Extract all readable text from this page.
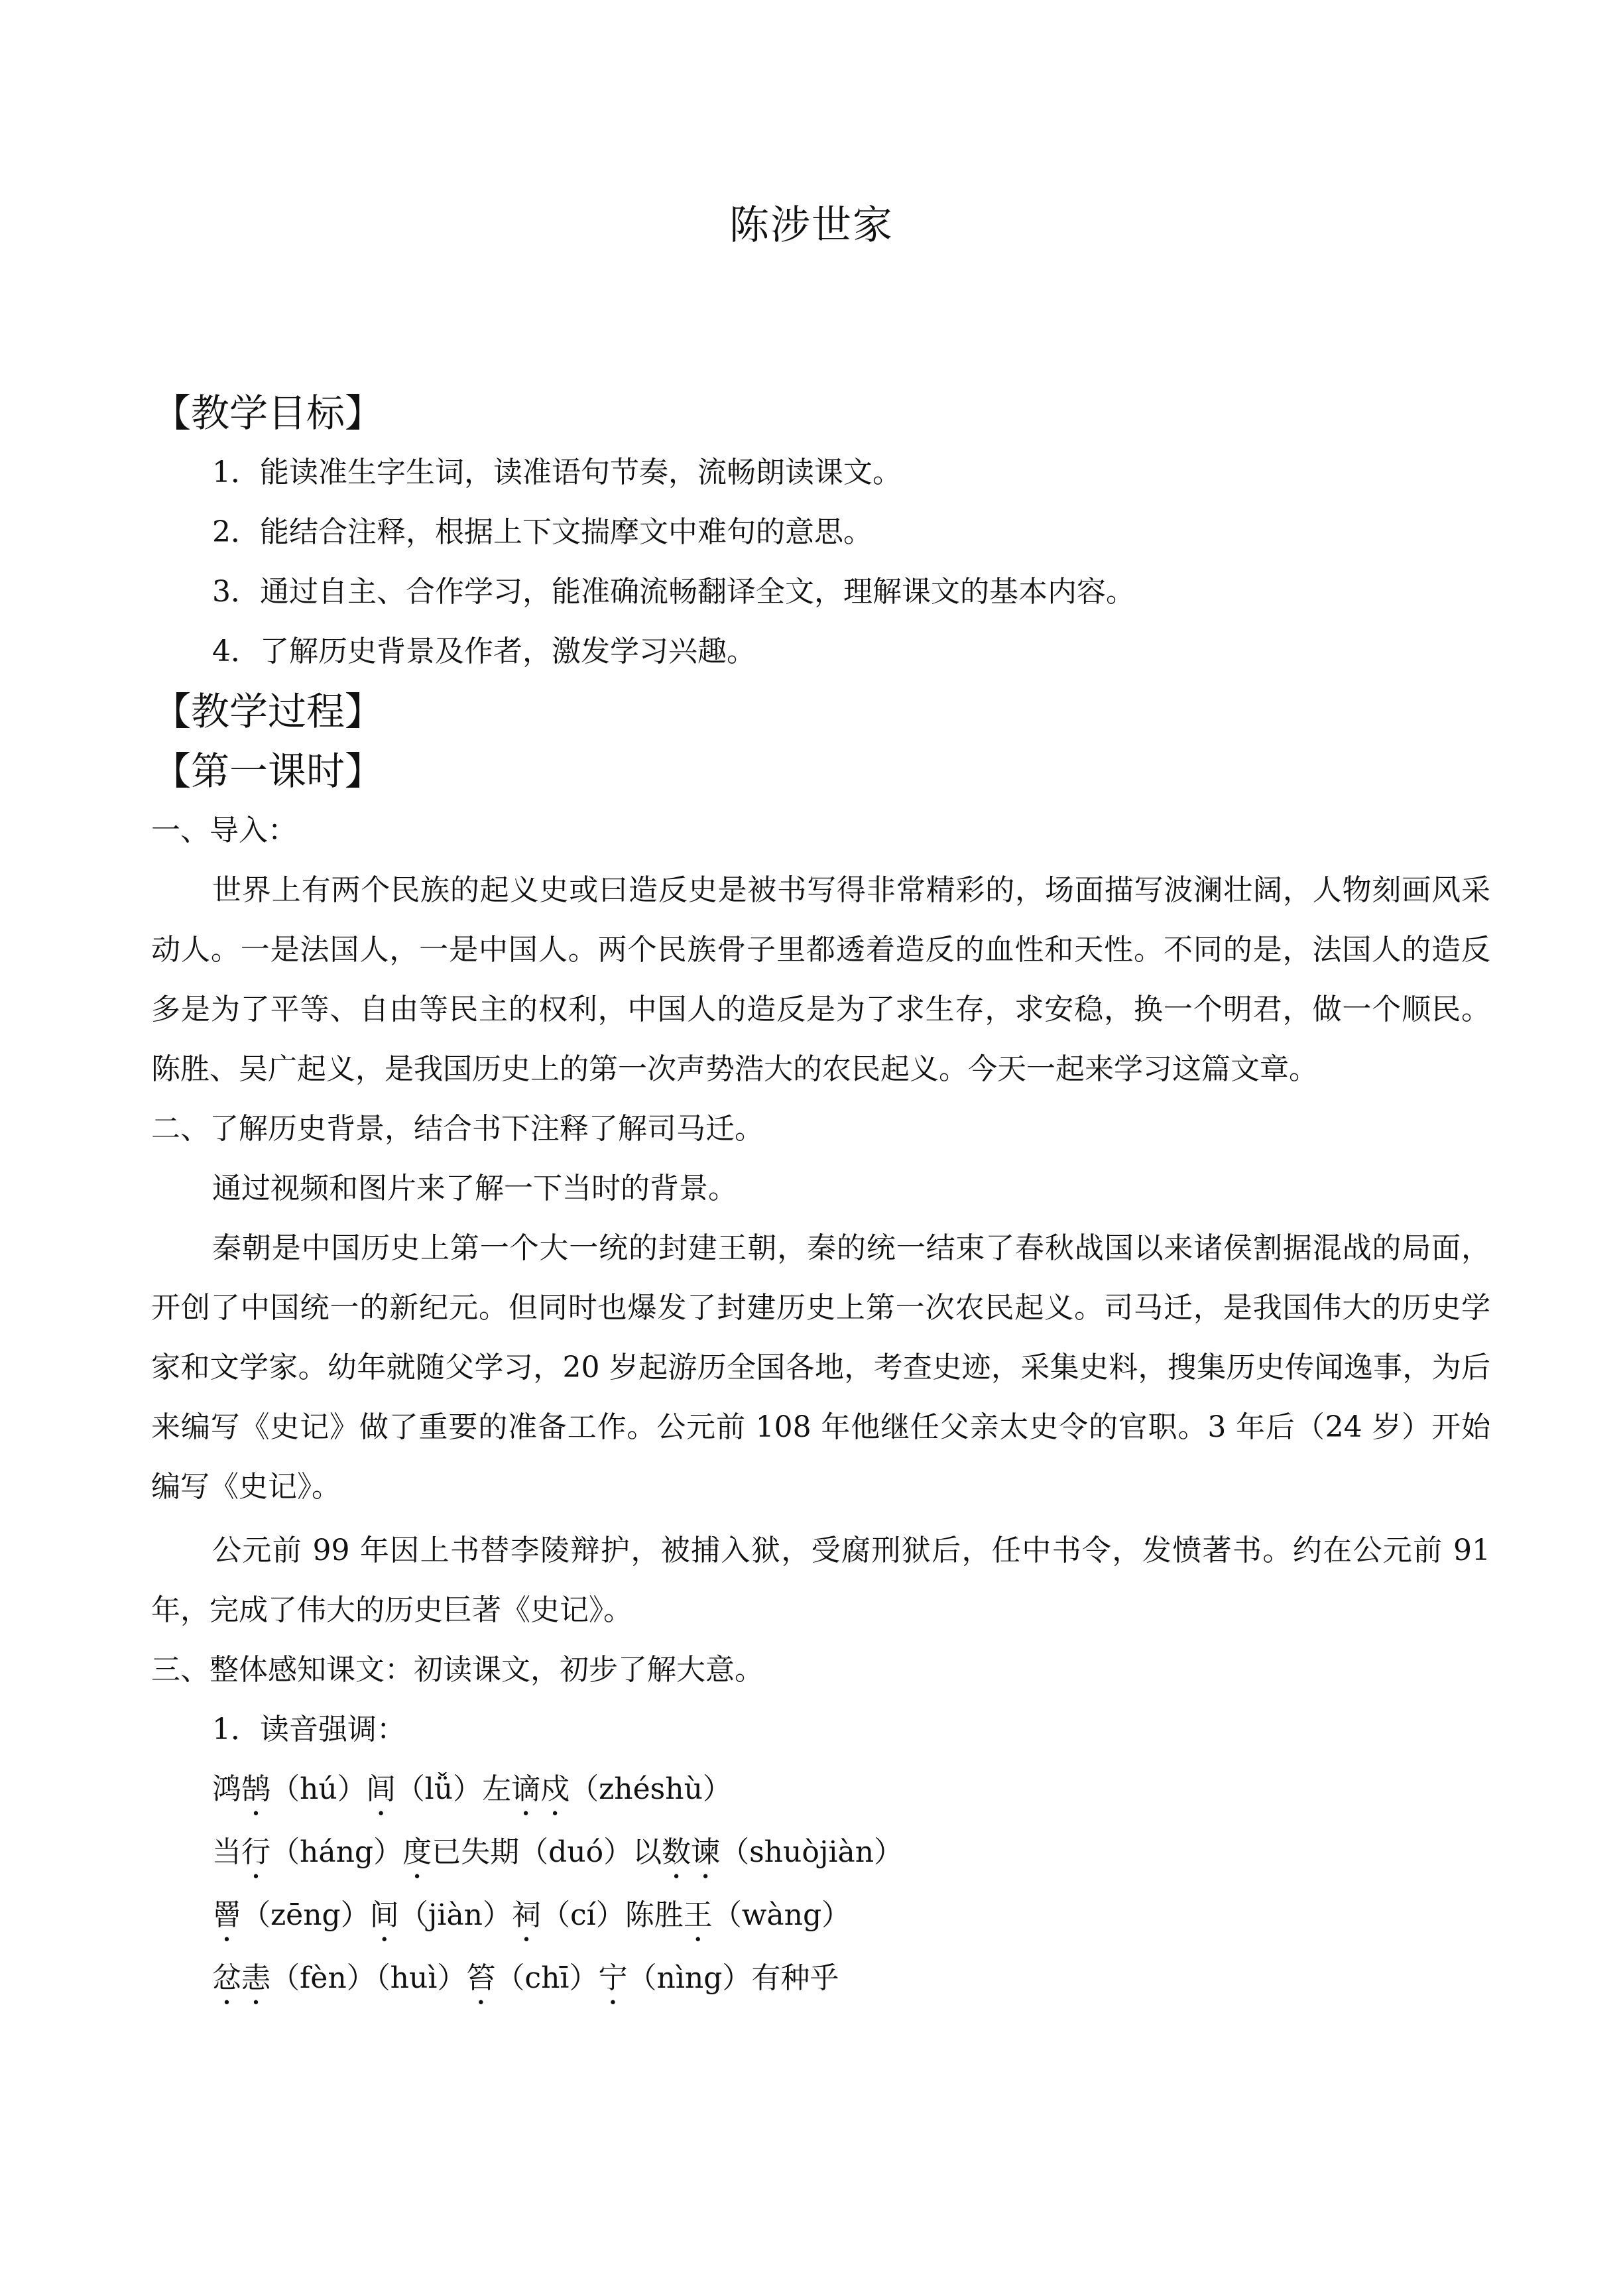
陈涉世家
【教学目标】
1．能读准生字生词，读准语句节奏，流畅朗读课文。
2．能结合注释，根据上下文揣摩文中难句的意思。
3．通过自主、合作学习，能准确流畅翻译全文，理解课文的基本内容。
4．了解历史背景及作者，激发学习兴趣。
【教学过程】
【第一课时】
一、导入：

世界上有两个民族的起义史或曰造反史是被书写得非常精彩的，场面描写波澜壮阔，人物刻画风采动人。一是法国人，一是中国人。两个民族骨子里都透着造反的血性和天性。不同的是，法国人的造反多是为了平等、自由等民主的权利，中国人的造反是为了求生存，求安稳，换一个明君，做一个顺民。陈胜、吴广起义，是我国历史上的第一次声势浩大的农民起义。今天一起来学习这篇文章。

二、了解历史背景，结合书下注释了解司马迁。
通过视频和图片来了解一下当时的背景。

秦朝是中国历史上第一个大一统的封建王朝，秦的统一结束了春秋战国以来诸侯割据混战的局面，开创了中国统一的新纪元。但同时也爆发了封建历史上第一次农民起义。司马迁，是我国伟大的历史学家和文学家。幼年就随父学习，20 岁起游历全国各地，考查史迹，采集史料，搜集历史传闻逸事，为后来编写《史记》做了重要的准备工作。公元前 108 年他继任父亲太史令的官职。3 年后（24 岁）开始编写《史记》。

公元前 99 年因上书替李陵辩护，被捕入狱，受腐刑狱后，任中书令，发愤著书。约在公元前 91 年，完成了伟大的历史巨著《史记》。

三、整体感知课文：初读课文，初步了解大意。
1．读音强调：
鸿鹄（hú）闾（lǚ）左谪戍（zhéshù）
当行（háng）度已失期（duó）以数谏（shuòjiàn）
罾（zēng）间（jiàn）祠（cí）陈胜王（wàng）
忿恚（fèn）（huì）笞（chī）宁（nìng）有种乎
